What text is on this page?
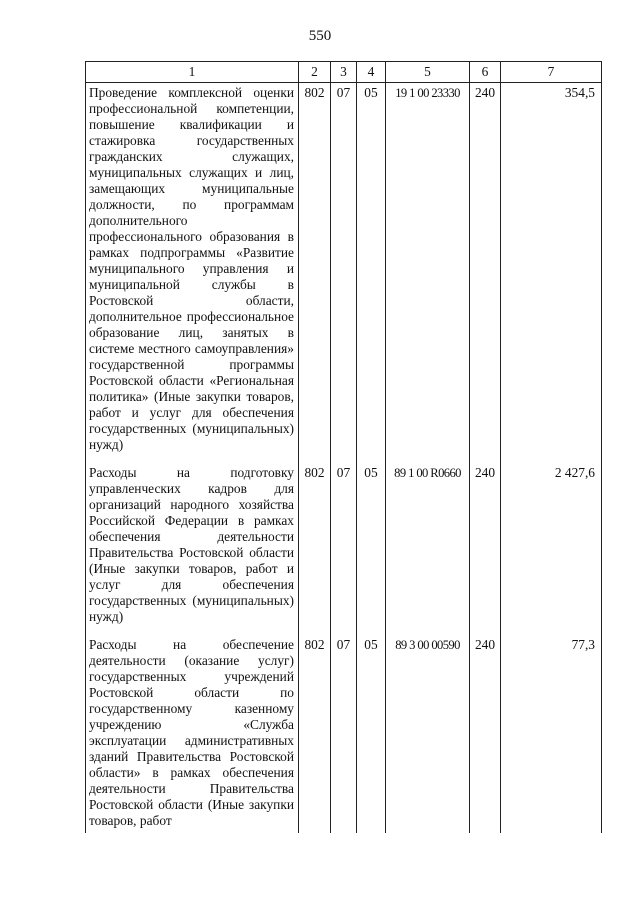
550
1	2	3	4	5	6	7
Проведение комплексной оценки профессиональной компетенции, повышение квалификации и стажировка государственных гражданских служащих, муниципальных служащих и лиц, замещающих муниципальные должности, по программам дополнительного профессионального образования в рамках подпрограммы «Развитие муниципального управления и муниципальной службы в Ростовской области, дополнительное профессиональное образование лиц, занятых в системе местного самоуправления» государственной программы Ростовской области «Региональная политика» (Иные закупки товаров, работ и услуг для обеспечения государственных (муниципальных) нужд)	802	07	05	19 1 00 23330	240	354,5
Расходы на подготовку управленческих кадров для организаций народного хозяйства Российской Федерации в рамках обеспечения деятельности Правительства Ростовской области (Иные закупки товаров, работ и услуг для обеспечения государственных (муниципальных) нужд)	802	07	05	89 1 00 R0660	240	2 427,6
Расходы на обеспечение деятельности (оказание услуг) государственных учреждений Ростовской области по государственному казенному учреждению «Служба эксплуатации административных зданий Правительства Ростовской области» в рамках обеспечения деятельности Правительства Ростовской области (Иные закупки товаров, работ	802	07	05	89 3 00 00590	240	77,3
